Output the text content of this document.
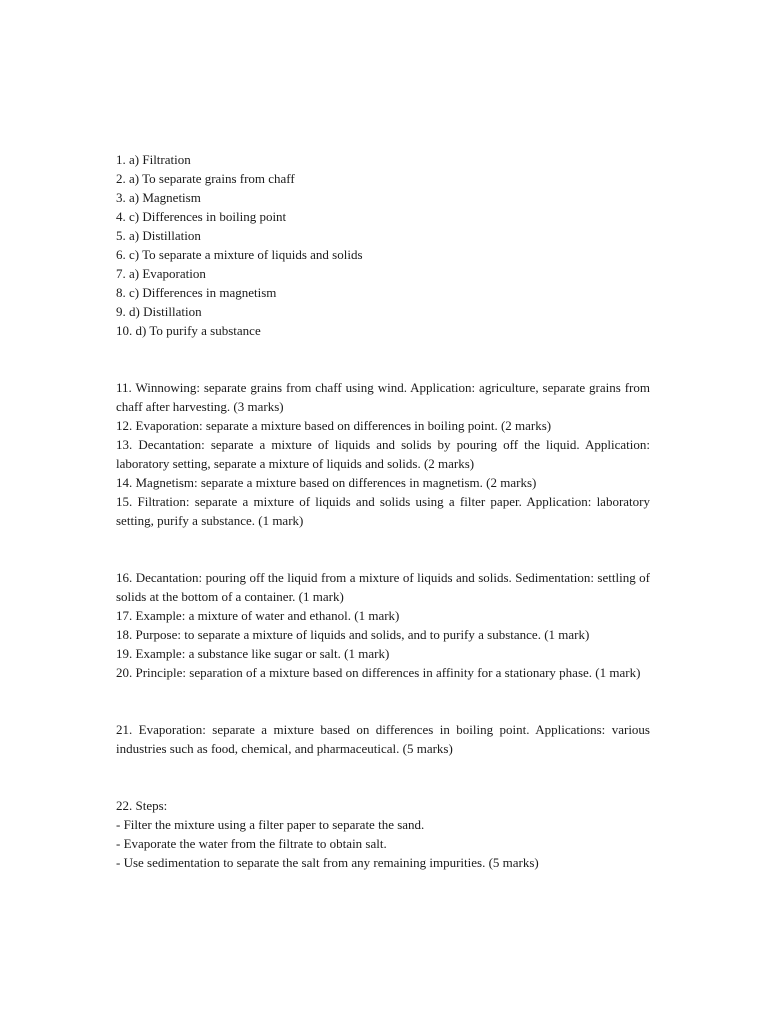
1. a) Filtration

2. a) To separate grains from chaff

3. a) Magnetism

4. c) Differences in boiling point

5. a) Distillation

6. c) To separate a mixture of liquids and solids

7. a) Evaporation

8. c) Differences in magnetism

9. d) Distillation

10. d) To purify a substance

11. Winnowing: separate grains from chaff using wind. Application: agriculture, separate grains from chaff after harvesting. (3 marks)

12. Evaporation: separate a mixture based on differences in boiling point. (2 marks)

13. Decantation: separate a mixture of liquids and solids by pouring off the liquid. Application: laboratory setting, separate a mixture of liquids and solids. (2 marks)

14. Magnetism: separate a mixture based on differences in magnetism. (2 marks)

15. Filtration: separate a mixture of liquids and solids using a filter paper. Application: laboratory setting, purify a substance. (1 mark)

16. Decantation: pouring off the liquid from a mixture of liquids and solids. Sedimentation: settling of solids at the bottom of a container. (1 mark)

17. Example: a mixture of water and ethanol. (1 mark)

18. Purpose: to separate a mixture of liquids and solids, and to purify a substance. (1 mark)

19. Example: a substance like sugar or salt. (1 mark)

20. Principle: separation of a mixture based on differences in affinity for a stationary phase. (1 mark)

21. Evaporation: separate a mixture based on differences in boiling point. Applications: various industries such as food, chemical, and pharmaceutical. (5 marks)

22. Steps:

- Filter the mixture using a filter paper to separate the sand.

- Evaporate the water from the filtrate to obtain salt.

- Use sedimentation to separate the salt from any remaining impurities. (5 marks)
